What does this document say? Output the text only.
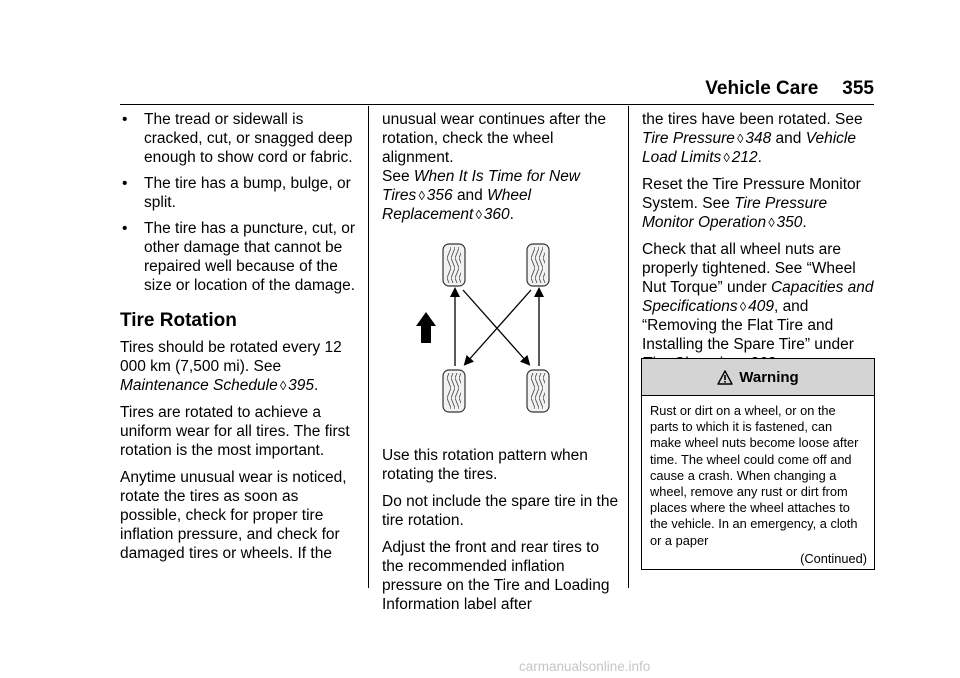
Vehicle Care 355
• The tread or sidewall is cracked, cut, or snagged deep enough to show cord or fabric.
• The tire has a bump, bulge, or split.
• The tire has a puncture, cut, or other damage that cannot be repaired well because of the size or location of the damage.
Tire Rotation

Tires should be rotated every 12 000 km (7,500 mi). See Maintenance Schedule ◊ 395.

Tires are rotated to achieve a uniform wear for all tires. The first rotation is the most important.

Anytime unusual wear is noticed, rotate the tires as soon as possible, check for proper tire inflation pressure, and check for damaged tires or wheels. If the

unusual wear continues after the rotation, check the wheel alignment.
See When It Is Time for New Tires ◊ 356 and Wheel Replacement ◊ 360.

Use this rotation pattern when rotating the tires.

Do not include the spare tire in the tire rotation.

Adjust the front and rear tires to the recommended inflation pressure on the Tire and Loading Information label after

the tires have been rotated. See Tire Pressure ◊ 348 and Vehicle Load Limits ◊ 212.

Reset the Tire Pressure Monitor System. See Tire Pressure Monitor Operation ◊ 350.

Check that all wheel nuts are properly tightened. See “Wheel Nut Torque” under Capacities and Specifications ◊ 409, and “Removing the Flat Tire and Installing the Spare Tire” under

Warning
Rust or dirt on a wheel, or on the parts to which it is fastened, can make wheel nuts become loose after time. The wheel could come off and cause a crash. When changing a wheel, remove any rust or dirt from places where the wheel attaches to the vehicle. In an emergency, a cloth or a paper
(Continued)
carmanualsonline.info
